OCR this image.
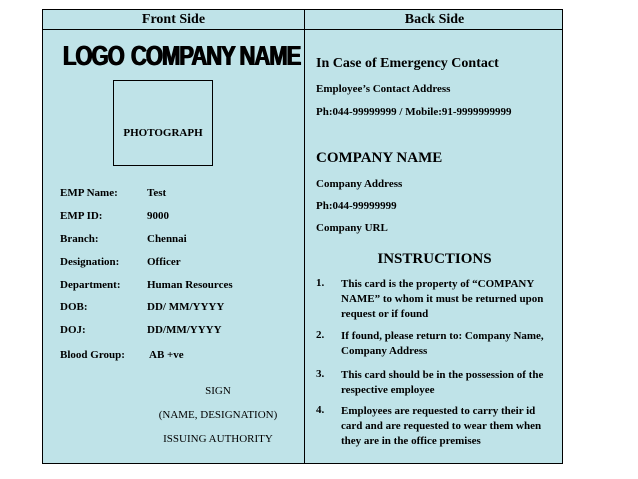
Front Side	Back Side
LOGO COMPANY NAME
PHOTOGRAPH
EMP Name:	Test
EMP ID:	9000
Branch:	Chennai
Designation:	Officer
Department: Human Resources
DOB:	DD/ MM/YYYY
DOJ:	DD/MM/YYYY
Blood Group: AB +ve
SIGN
(NAME, DESIGNATION)
ISSUING AUTHORITY
In Case of Emergency Contact
Employee’s Contact Address
Ph:044-99999999 / Mobile:91-9999999999
COMPANY NAME
Company Address
Ph:044-99999999
Company URL
INSTRUCTIONS
1. This card is the property of “COMPANY NAME” to whom it must be returned upon request or if found
2. If found, please return to: Company Name, Company Address
3. This card should be in the possession of the respective employee
4. Employees are requested to carry their id card and are requested to wear them when they are in the office premises
